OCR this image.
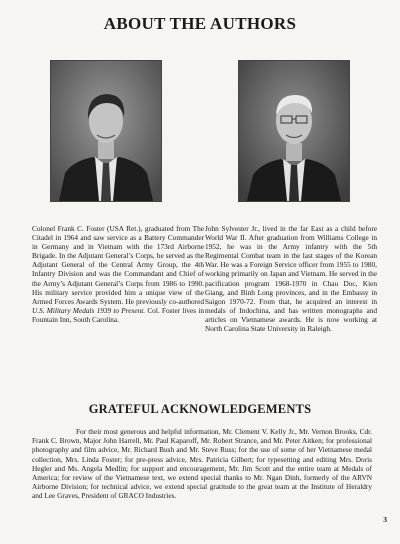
ABOUT THE AUTHORS
Colonel Frank C. Foster (USA Ret.), graduated from The Citadel in 1964 and saw service as a Battery Commander in Germany and in Vietnam with the 173rd Airborne Brigade. In the Adjutant General’s Corps, he served as the Adjutant General of the Central Army Group, the 4th Infantry Division and was the Commandant and Chief of the Army’s Adjutant General’s Corps from 1986 to 1990. His military service provided him a unique view of the Armed Forces Awards System. He previously co-authored U.S. Military Medals 1939 to Present. Col. Foster lives in Fountain Inn, South Carolina.
John Sylvester Jr., lived in the far East as a child before World War II. After graduation from Williams College in 1952, he was in the Army infantry with the 5th Regimental Combat team in the last stages of the Korean War. He was a Foreign Service officer from 1955 to 1980, working primarily on Japan and Vietnam. He served in the pacification program 1968-1970 in Chau Doc, Kien Giang, and Binh Long provinces, and in the Embassy in Saigon 1970-72. From that, he acquired an interest in medals of Indochina, and has written monographs and articles on Vietnamese awards. He is now working at North Carolina State University in Raleigh.
GRATEFUL ACKNOWLEDGEMENTS
For their most generous and helpful information, Mr. Clement V. Kelly Jr., Mr. Vernon Brooks, Cdr. Frank C. Brown, Major John Harrell, Mr. Paul Kaparoff, Mr. Robert Strance, and Mr. Peter Aitken; for professional photography and film advice, Mr. Richard Bush and Mr. Steve Russ; for the use of some of her Vietnamese medal collection, Mrs. Linda Foster; for pre-press advice, Mrs. Patricia Gilbert; for typesetting and editing Mrs. Doris Hegler and Ms. Angela Medlin; for support and encouragement, Mr. Jim Scott and the entire team at Medals of America; for review of the Vietnamese text, we extend special thanks to Mr. Ngan Dinh, formerly of the ARVN Airborne Division; for technical advice, we extend special gratitude to the great team at the Institute of Heraldry and Lee Graves, President of GRACO Industries.
3
